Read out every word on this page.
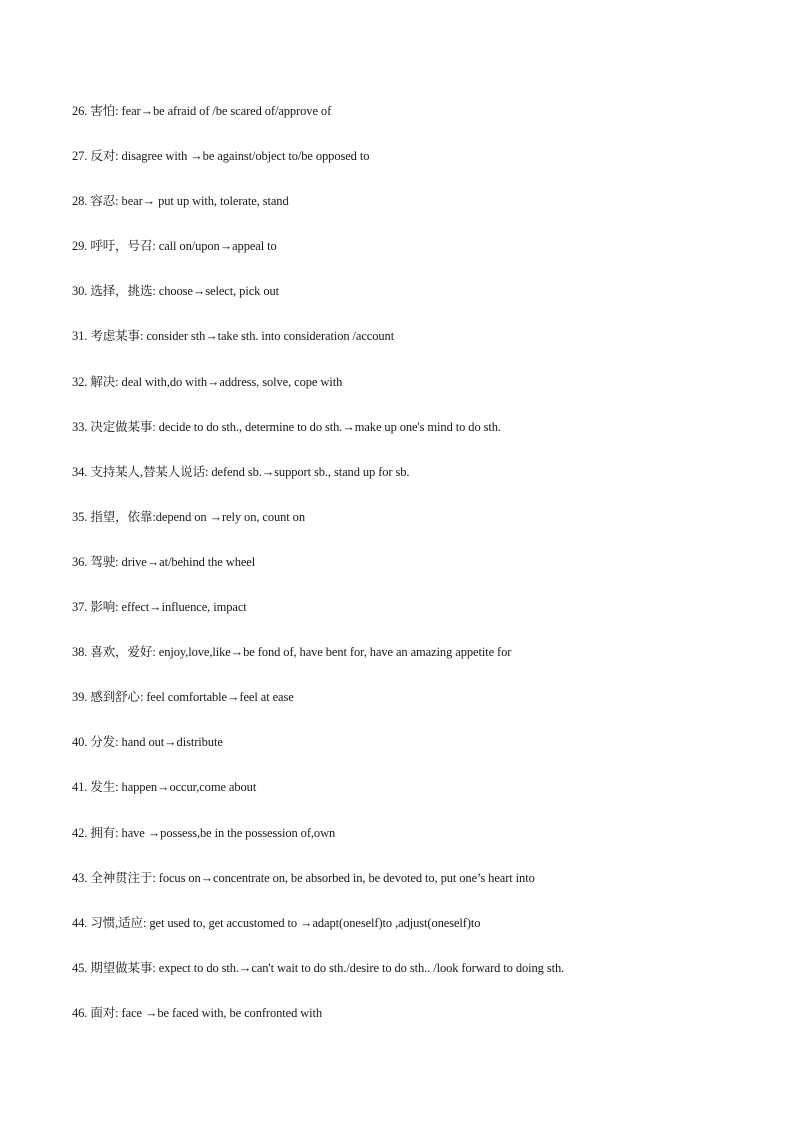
26. 害怕: fear→be afraid of /be scared of/approve of
27. 反对: disagree with →be against/object to/be opposed to
28. 容忍: bear→ put up with, tolerate, stand
29. 呼吁，号召: call on/upon→appeal to
30. 选择，挑选: choose→select, pick out
31. 考虑某事: consider sth→take sth. into consideration /account
32. 解决: deal with,do with→address, solve, cope with
33. 决定做某事: decide to do sth., determine to do sth.→make up one's mind to do sth.
34. 支持某人,替某人说话: defend sb.→support sb., stand up for sb.
35. 指望，依靠:depend on →rely on, count on
36. 驾驶: drive→at/behind the wheel
37. 影响: effect→influence, impact
38. 喜欢，爱好: enjoy,love,like→be fond of, have bent for, have an amazing appetite for
39. 感到舒心: feel comfortable→feel at ease
40. 分发: hand out→distribute
41. 发生: happen→occur,come about
42. 拥有: have →possess,be in the possession of,own
43. 全神贯注于: focus on→concentrate on, be absorbed in, be devoted to, put one’s heart into
44. 习惯,适应: get used to, get accustomed to →adapt(oneself)to ,adjust(oneself)to
45. 期望做某事: expect to do sth.→can't wait to do sth./desire to do sth.. /look forward to doing sth.
46. 面对: face →be faced with, be confronted with
